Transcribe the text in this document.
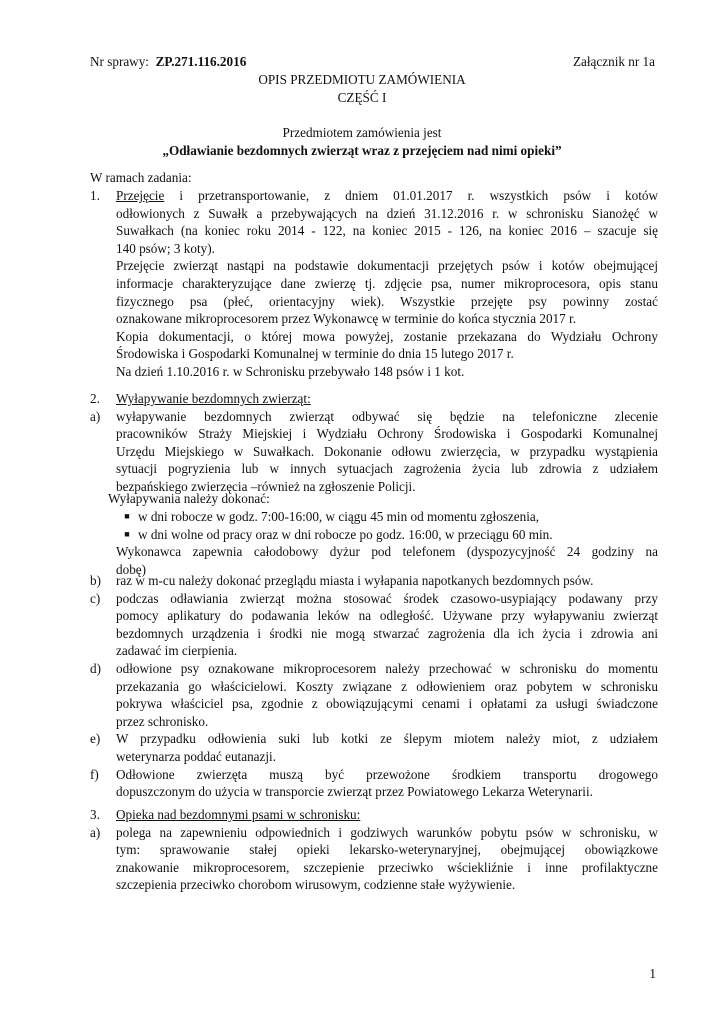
Nr sprawy: ZP.271.116.2016	Załącznik nr 1a
OPIS PRZEDMIOTU ZAMÓWIENIA
CZĘŚĆ I
Przedmiotem zamówienia jest
„Odławianie bezdomnych zwierząt wraz z przejęciem nad nimi opieki”
W ramach zadania:
1.	Przejęcie i przetransportowanie, z dniem 01.01.2017 r. wszystkich psów i kotów
odłowionych z Suwałk a przebywających na dzień 31.12.2016 r. w schronisku Sianożęć w
Suwałkach (na koniec roku 2014 - 122, na koniec 2015 - 126, na koniec 2016 – szacuje się
140 psów; 3 koty).
Przejęcie zwierząt nastąpi na podstawie dokumentacji przejętych psów i kotów obejmującej
informacje charakteryzujące dane zwierzę tj. zdjęcie psa, numer mikroprocesora, opis stanu
fizycznego psa (płeć, orientacyjny wiek). Wszystkie przejęte psy powinny zostać
oznakowane mikroprocesorem przez Wykonawcę w terminie do końca stycznia 2017 r.
Kopia dokumentacji, o której mowa powyżej, zostanie przekazana do Wydziału Ochrony
Środowiska i Gospodarki Komunalnej w terminie do dnia 15 lutego 2017 r.
Na dzień 1.10.2016 r. w Schronisku przebywało 148 psów i 1 kot.
2.	Wyłapywanie bezdomnych zwierząt:
a)	wyłapywanie bezdomnych zwierząt odbywać się będzie na telefoniczne zlecenie
pracowników Straży Miejskiej i Wydziału Ochrony Środowiska i Gospodarki Komunalnej
Urzędu Miejskiego w Suwałkach. Dokonanie odłowu zwierzęcia, w przypadku wystąpienia
sytuacji pogryzienia lub w innych sytuacjach zagrożenia życia lub zdrowia z udziałem
bezpańskiego zwierzęcia –również na zgłoszenie Policji.
Wyłapywania należy dokonać:
■ w dni robocze w godz. 7:00-16:00, w ciągu 45 min od momentu zgłoszenia,
■ w dni wolne od pracy oraz w dni robocze po godz. 16:00, w przeciągu 60 min.
Wykonawca zapewnia całodobowy dyżur pod telefonem (dyspozycyjność 24 godziny na
dobę)
b)	raz w m-cu należy dokonać przeglądu miasta i wyłapania napotkanych bezdomnych psów.
c)	podczas odławiania zwierząt można stosować środek czasowo-usypiający podawany przy
pomocy aplikatury do podawania leków na odległość. Używane przy wyłapywaniu zwierząt
bezdomnych urządzenia i środki nie mogą stwarzać zagrożenia dla ich życia i zdrowia ani
zadawać im cierpienia.
d)	odłowione psy oznakowane mikroprocesorem należy przechować w schronisku do momentu
przekazania go właścicielowi. Koszty związane z odłowieniem oraz pobytem w schronisku
pokrywa właściciel psa, zgodnie z obowiązującymi cenami i opłatami za usługi świadczone
przez schronisko.
e)	W przypadku odłowienia suki lub kotki ze ślepym miotem należy miot, z udziałem
weterynarza poddać eutanazji.
f)	Odłowione zwierzęta muszą być przewożone środkiem transportu drogowego
dopuszczonym do użycia w transporcie zwierząt przez Powiatowego Lekarza Weterynarii.
3.	Opieka nad bezdomnymi psami w schronisku:
a)	polega na zapewnieniu odpowiednich i godziwych warunków pobytu psów w schronisku, w
tym: sprawowanie stałej opieki lekarsko-weterynaryjnej, obejmującej obowiązkowe
znakowanie mikroprocesorem, szczepienie przeciwko wściekliźnie i inne profilaktyczne
szczepienia przeciwko chorobom wirusowym, codzienne stałe wyżywienie.
1
